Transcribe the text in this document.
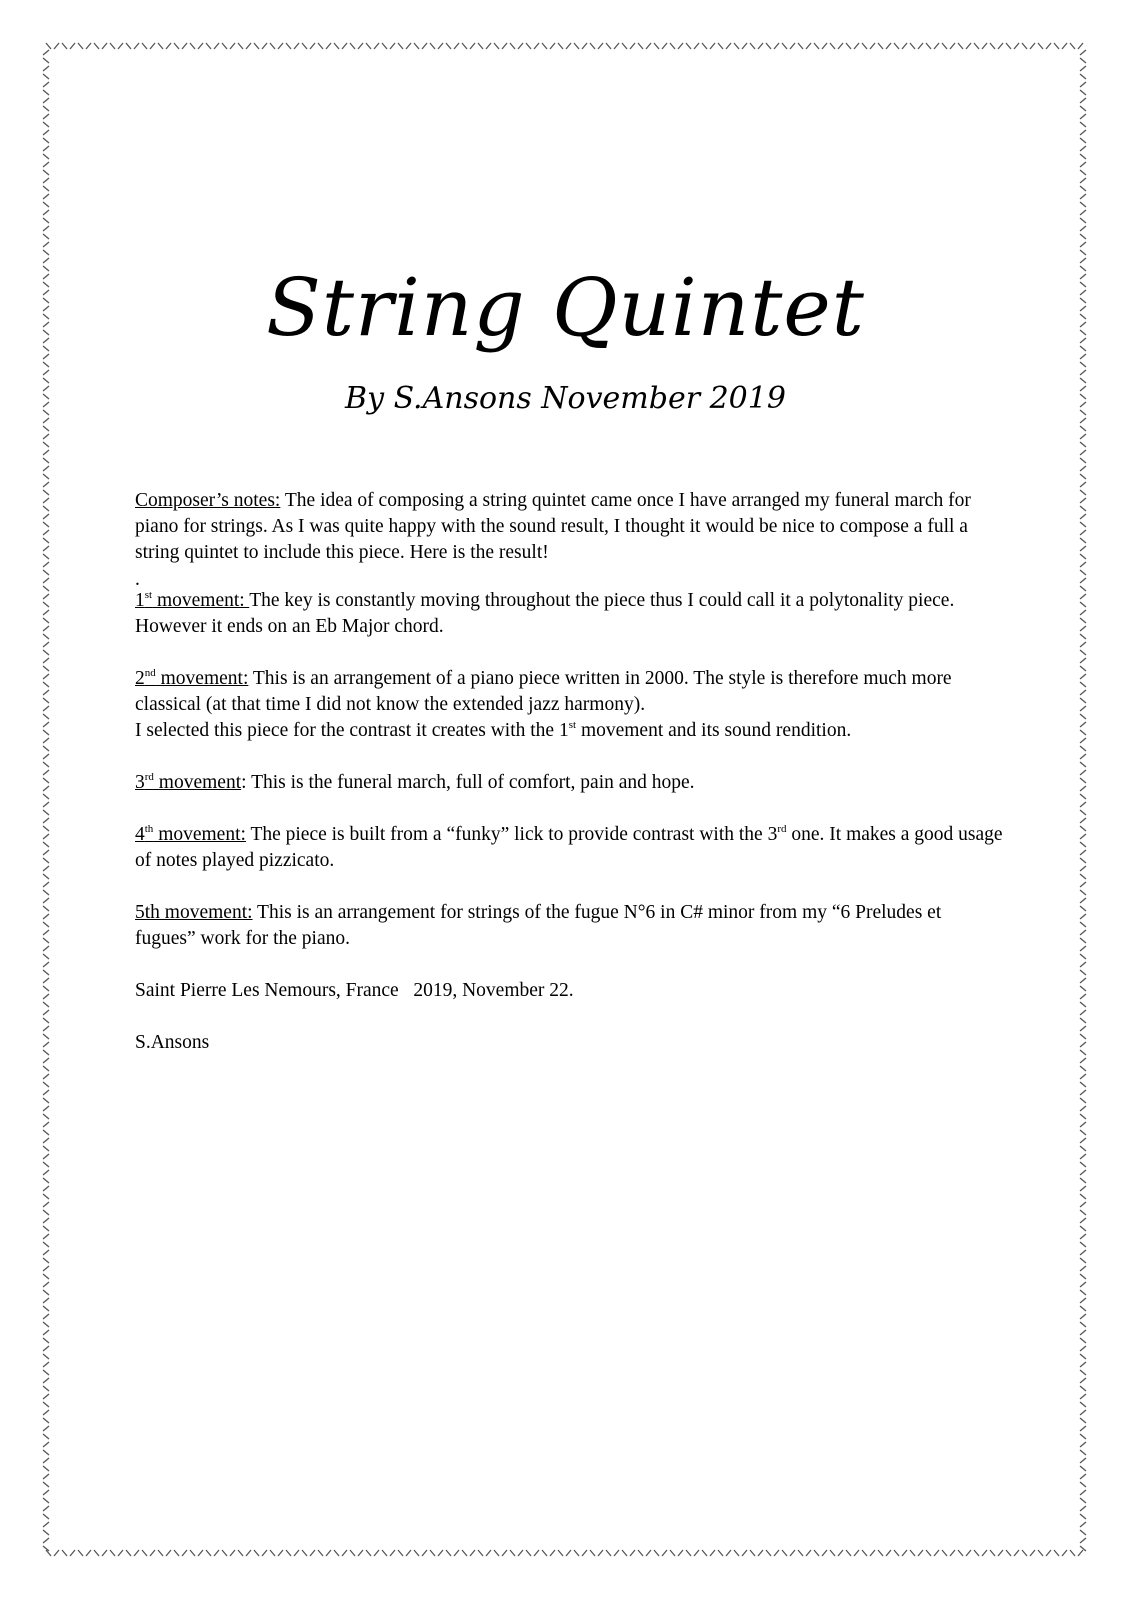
String Quintet
By S.Ansons November 2019

Composer’s notes: The idea of composing a string quintet came once I have arranged my funeral march for piano for strings. As I was quite happy with the sound result, I thought it would be nice to compose a full a string quintet to include this piece. Here is the result!

.

1st movement: The key is constantly moving throughout the piece thus I could call it a polytonality piece. However it ends on an Eb Major chord.

2nd movement: This is an arrangement of a piano piece written in 2000. The style is therefore much more classical (at that time I did not know the extended jazz harmony).

I selected this piece for the contrast it creates with the 1st movement and its sound rendition.

3rd movement: This is the funeral march, full of comfort, pain and hope.

4th movement: The piece is built from a “funky” lick to provide contrast with the 3rd one. It makes a good usage of notes played pizzicato.

5th movement: This is an arrangement for strings of the fugue N°6 in C# minor from my “6 Preludes et fugues” work for the piano.

Saint Pierre Les Nemours, France   2019, November 22.

S.Ansons
